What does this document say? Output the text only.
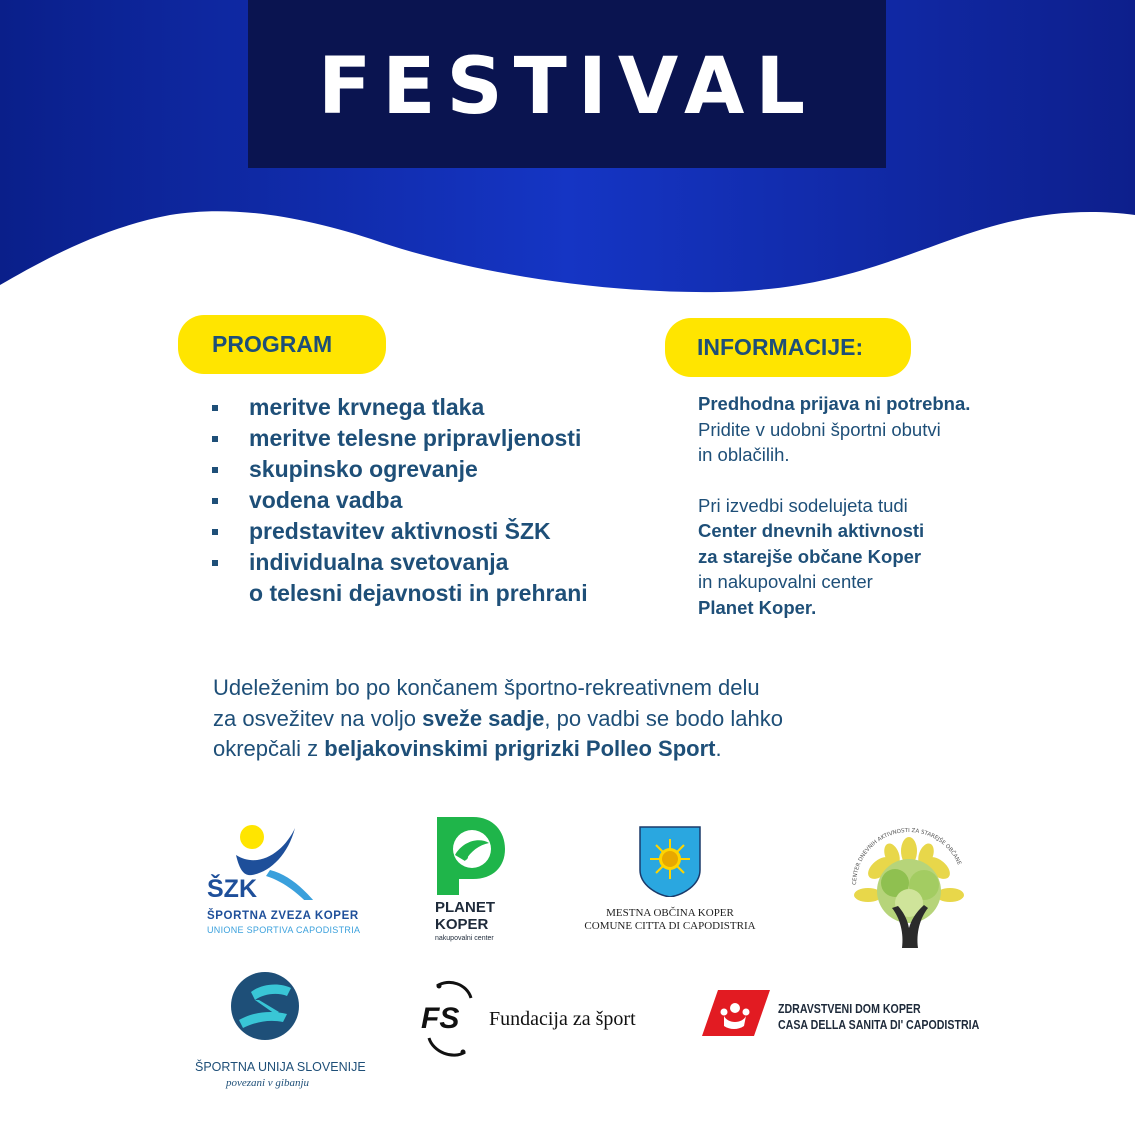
FESTIVAL
PROGRAM
meritve krvnega tlaka
meritve telesne pripravljenosti
skupinsko ogrevanje
vodena vadba
predstavitev aktivnosti ŠZK
individualna svetovanja
o telesni dejavnosti in prehrani
INFORMACIJE:

Predhodna prijava ni potrebna.
Pridite v udobni športni obutvi
in oblačilih.

Pri izvedbi sodelujeta tudi
Center dnevnih aktivnosti
za starejše občane Koper
in nakupovalni center
Planet Koper.

Udeleženim bo po končanem športno-rekreativnem delu
za osvežitev na voljo sveže sadje, po vadbi se bodo lahko
okrepčali z beljakovinskimi prigrizki Polleo Sport.
ŠZK
ŠPORTNA ZVEZA KOPER
UNIONE SPORTIVA CAPODISTRIA
PLANET
KOPER
nakupovalni center
MESTNA OBČINA KOPER
COMUNE CITTA DI CAPODISTRIA
CENTER DNEVNIH AKTIVNOSTI ZA STAREJŠE OBČANE
ŠPORTNA UNIJA SLOVENIJE
povezani v gibanju
FS Fundacija za šport	ZDRAVSTVENI DOM KOPER
CASA DELLA SANITA DI' CAPODISTRIA
